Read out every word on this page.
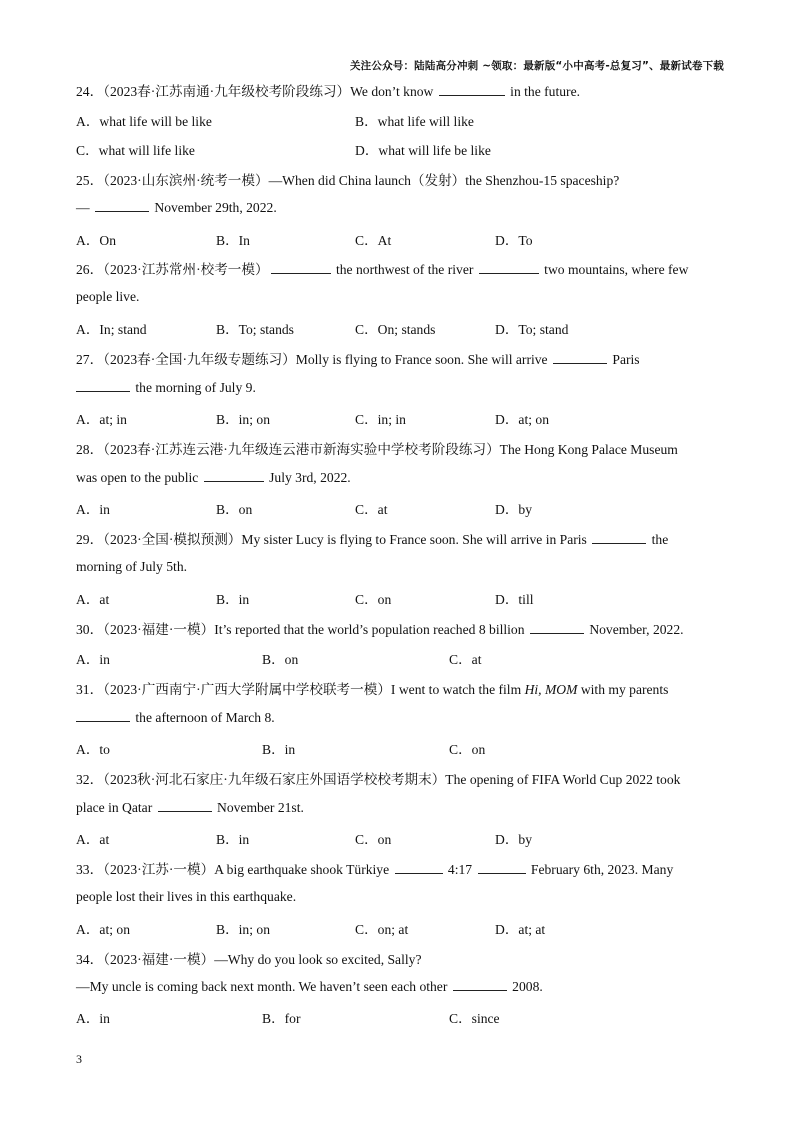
关注公众号：陆陆高分冲刺 ~领取：最新版“小中高考-总复习”、最新试卷下载
24．（2023春·江苏南通·九年级校考阶段练习）We don’t know	in the future.
A．what life will be like	B．what life will like
C．what will life like	D．what will life be like
25．（2023·山东滨州·统考一模）—When did China launch（发射）the Shenzhou-15 spaceship?
—	November 29th, 2022.
A．On	B．In	C．At	D．To
26．（2023·江苏常州·校考一模）	the northwest of the river	two mountains, where few
people live.
A．In; stand	B．To; stands	C．On; stands	D．To; stand
27．（2023春·全国·九年级专题练习）Molly is flying to France soon. She will arrive	Paris
the morning of July 9.
A．at; in	B．in; on	C．in; in	D．at; on
28．（2023春·江苏连云港·九年级连云港市新海实验中学校考阶段练习）The Hong Kong Palace Museum
was open to the public	July 3rd, 2022.
A．in	B．on	C．at	D．by
29．（2023·全国·模拟预测）My sister Lucy is flying to France soon. She will arrive in Paris	the
morning of July 5th.
A．at	B．in	C．on	D．till
30．（2023·福建·一模）It’s reported that the world’s population reached 8 billion	November, 2022.
A．in	B．on	C．at
31．（2023·广西南宁·广西大学附属中学校联考一模）I went to watch the film Hi, MOM with my parents
the afternoon of March 8.
A．to	B．in	C．on
32．（2023秋·河北石家庄·九年级石家庄外国语学校校考期末）The opening of FIFA World Cup 2022 took
place in Qatar	November 21st.
A．at	B．in	C．on	D．by
33．（2023·江苏·一模）A big earthquake shook Türkiye	4:17	February 6th, 2023. Many
people lost their lives in this earthquake.
A．at; on	B．in; on	C．on; at	D．at; at
34．（2023·福建·一模）—Why do you look so excited, Sally?
—My uncle is coming back next month. We haven’t seen each other	2008.
A．in	B．for	C．since
3
